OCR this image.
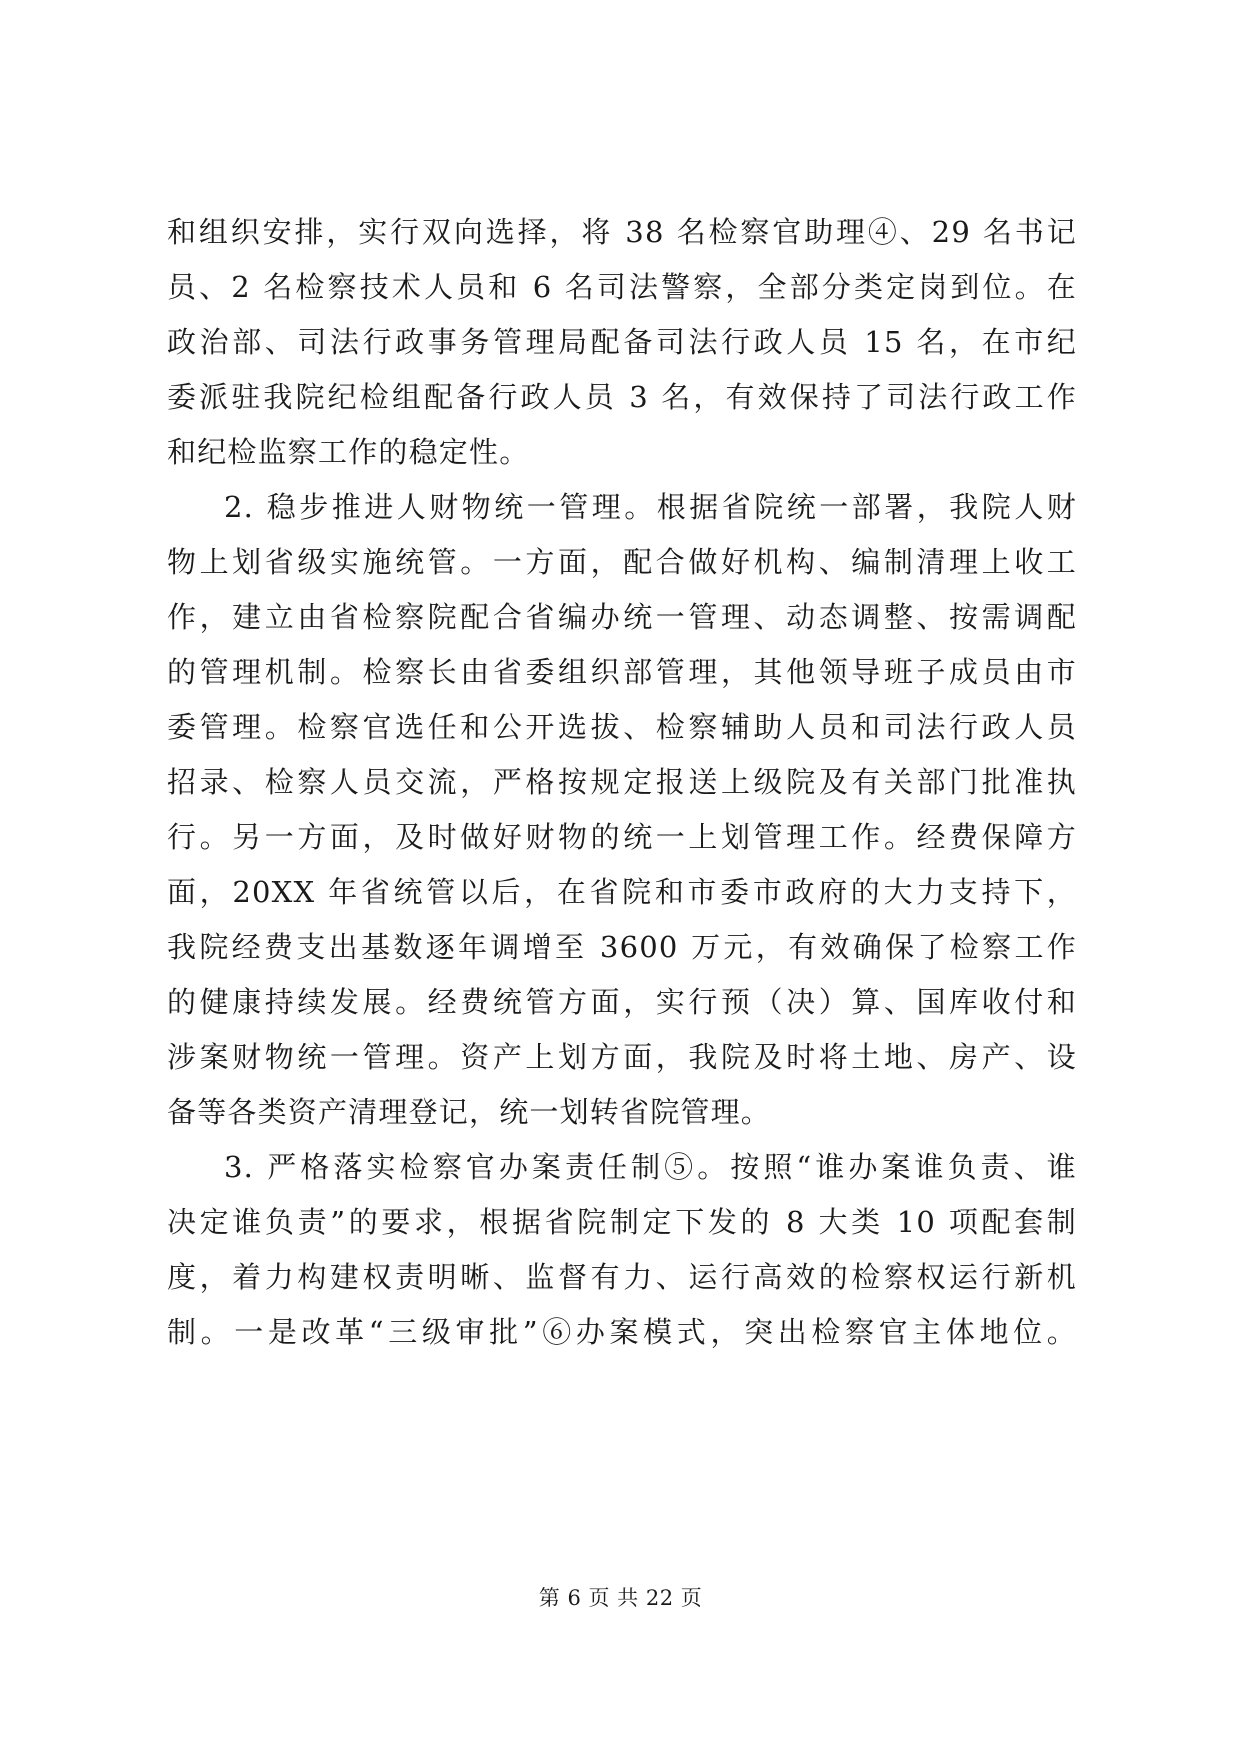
和组织安排，实行双向选择，将 38 名检察官助理④、29 名书记
员、2 名检察技术人员和 6 名司法警察，全部分类定岗到位。在
政治部、司法行政事务管理局配备司法行政人员 15 名，在市纪
委派驻我院纪检组配备行政人员 3 名，有效保持了司法行政工作
和纪检监察工作的稳定性。
2. 稳步推进人财物统一管理。根据省院统一部署，我院人财
物上划省级实施统管。一方面，配合做好机构、编制清理上收工
作，建立由省检察院配合省编办统一管理、动态调整、按需调配
的管理机制。检察长由省委组织部管理，其他领导班子成员由市
委管理。检察官选任和公开选拔、检察辅助人员和司法行政人员
招录、检察人员交流，严格按规定报送上级院及有关部门批准执
行。另一方面，及时做好财物的统一上划管理工作。经费保障方
面，20XX 年省统管以后，在省院和市委市政府的大力支持下，
我院经费支出基数逐年调增至 3600 万元，有效确保了检察工作
的健康持续发展。经费统管方面，实行预（决）算、国库收付和
涉案财物统一管理。资产上划方面，我院及时将土地、房产、设
备等各类资产清理登记，统一划转省院管理。
3. 严格落实检察官办案责任制⑤。按照“谁办案谁负责、谁
决定谁负责”的要求，根据省院制定下发的 8 大类 10 项配套制
度，着力构建权责明晰、监督有力、运行高效的检察权运行新机
制。一是改革“三级审批”⑥办案模式，突出检察官主体地位。
第 6 页 共 22 页
